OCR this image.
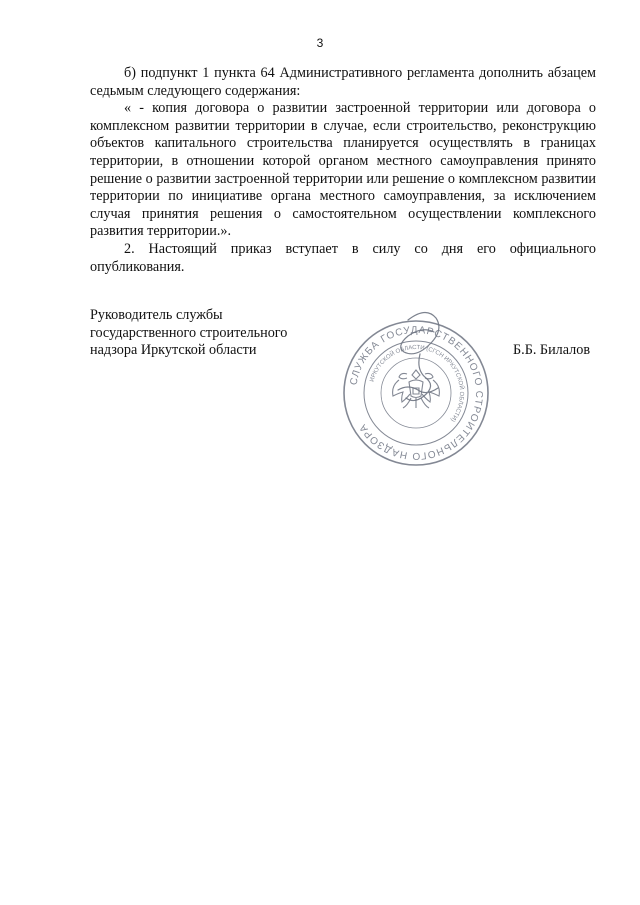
3

б) подпункт 1 пункта 64 Административного регламента дополнить абзацем седьмым следующего содержания:

« - копия договора о развитии застроенной территории или договора о комплексном развитии территории в случае, если строительство, реконструкцию объектов капитального строительства планируется осуществлять в границах территории, в отношении которой органом местного самоуправления принято решение о развитии застроенной территории или решение о комплексном развитии территории по инициативе органа местного самоуправления, за исключением случая принятия решения о самостоятельном осуществлении комплексного развития территории.».

2. Настоящий приказ вступает в силу со дня его официального опубликования.

Руководитель службы
государственного строительного
надзора Иркутской области	Б.Б. Билалов
СЛУЖБА ГОСУДАРСТВЕННОГО СТРОИТЕЛЬНОГО НАДЗОРА
ИРКУТСКОЙ ОБЛАСТИ (СГСН ИРКУТСКОЙ ОБЛАСТИ)
